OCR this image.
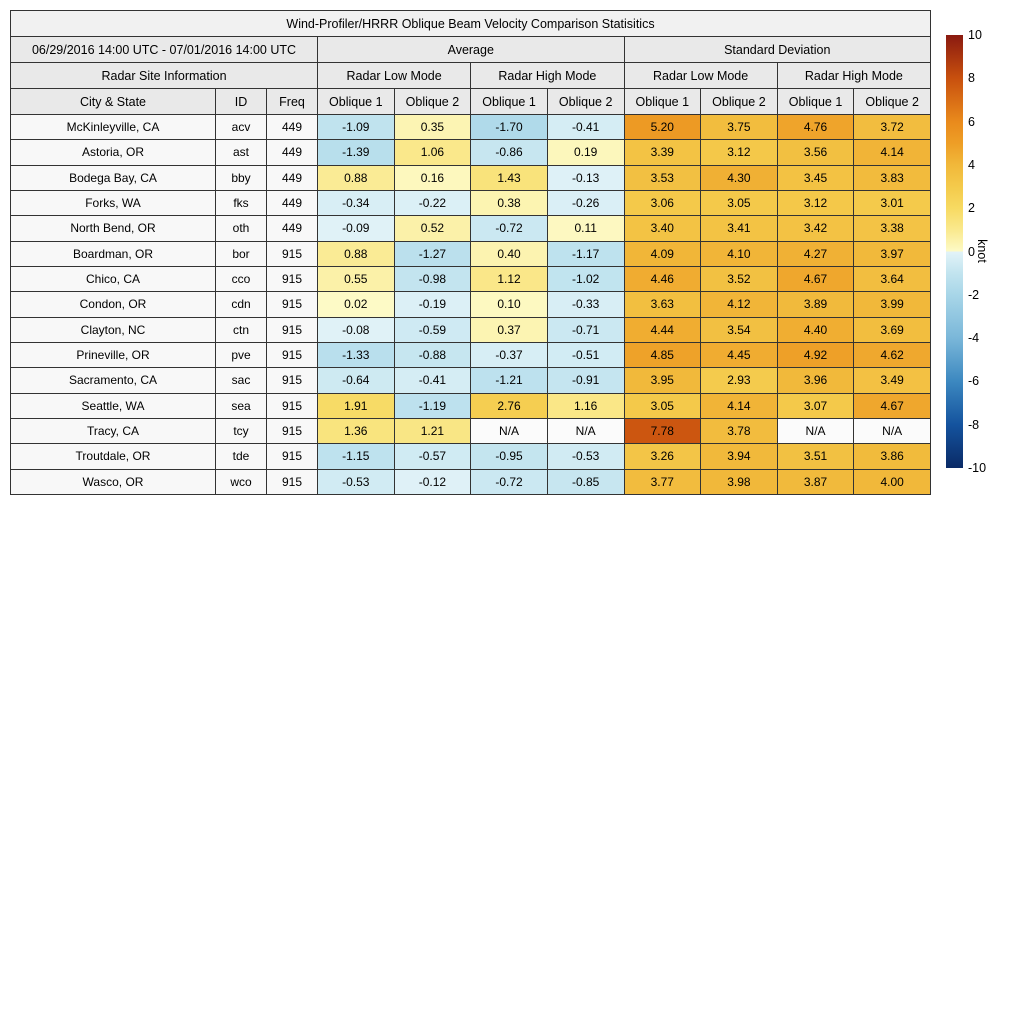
Wind-Profiler/HRRR Oblique Beam Velocity Comparison Statisitics										
06/29/2016 14:00 UTC - 07/01/2016 14:00 UTC			Average				Standard Deviation			
Radar Site Information			Radar Low Mode		Radar High Mode		Radar Low Mode		Radar High Mode	
City & State	ID	Freq	Oblique 1	Oblique 2	Oblique 1	Oblique 2	Oblique 1	Oblique 2	Oblique 1	Oblique 2
McKinleyville, CA	acv	449	-1.09	0.35	-1.70	-0.41	5.20	3.75	4.76	3.72
Astoria, OR	ast	449	-1.39	1.06	-0.86	0.19	3.39	3.12	3.56	4.14
Bodega Bay, CA	bby	449	0.88	0.16	1.43	-0.13	3.53	4.30	3.45	3.83
Forks, WA	fks	449	-0.34	-0.22	0.38	-0.26	3.06	3.05	3.12	3.01
North Bend, OR	oth	449	-0.09	0.52	-0.72	0.11	3.40	3.41	3.42	3.38
Boardman, OR	bor	915	0.88	-1.27	0.40	-1.17	4.09	4.10	4.27	3.97
Chico, CA	cco	915	0.55	-0.98	1.12	-1.02	4.46	3.52	4.67	3.64
Condon, OR	cdn	915	0.02	-0.19	0.10	-0.33	3.63	4.12	3.89	3.99
Clayton, NC	ctn	915	-0.08	-0.59	0.37	-0.71	4.44	3.54	4.40	3.69
Prineville, OR	pve	915	-1.33	-0.88	-0.37	-0.51	4.85	4.45	4.92	4.62
Sacramento, CA	sac	915	-0.64	-0.41	-1.21	-0.91	3.95	2.93	3.96	3.49
Seattle, WA	sea	915	1.91	-1.19	2.76	1.16	3.05	4.14	3.07	4.67
Tracy, CA	tcy	915	1.36	1.21	N/A	N/A	7.78	3.78	N/A	N/A
Troutdale, OR	tde	915	-1.15	-0.57	-0.95	-0.53	3.26	3.94	3.51	3.86
Wasco, OR	wco	915	-0.53	-0.12	-0.72	-0.85	3.77	3.98	3.87	4.00
10
8
6
4
2
0
-2
-4
-6
-8
-10
knot
